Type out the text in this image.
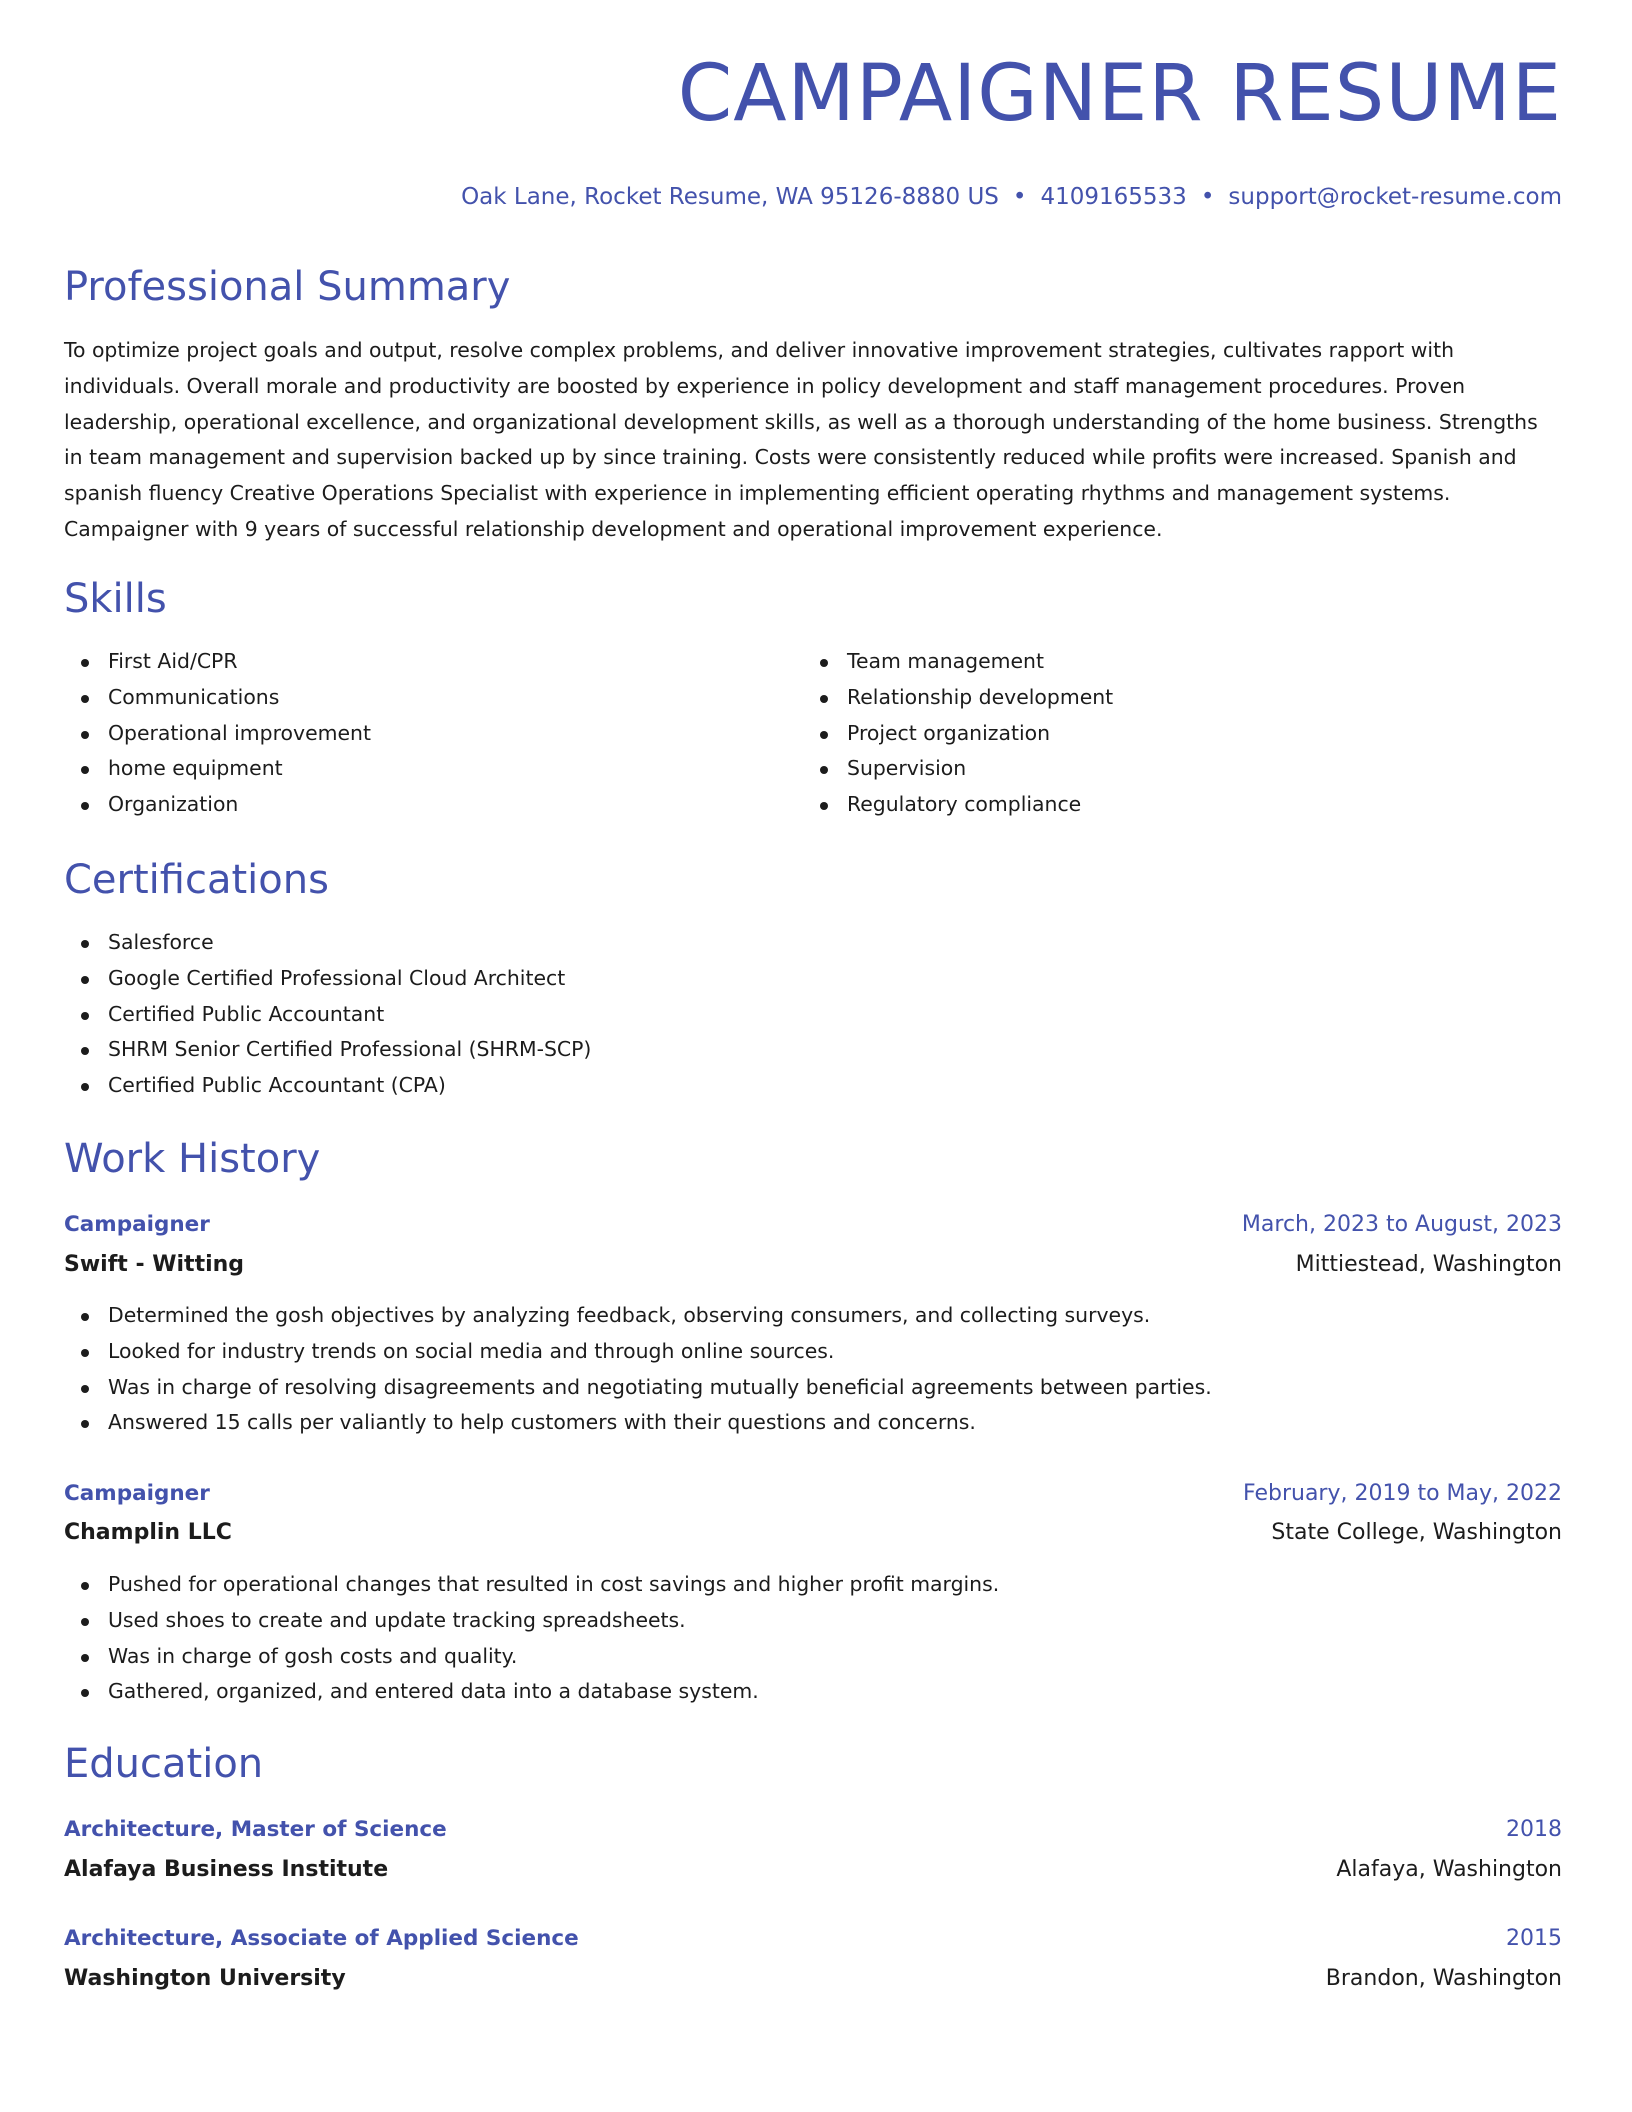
CAMPAIGNER RESUME
Oak Lane, Rocket Resume, WA 95126-8880 US • 4109165533 • support@rocket-resume.com
Professional Summary

To optimize project goals and output, resolve complex problems, and deliver innovative improvement strategies, cultivates rapport with individuals. Overall morale and productivity are boosted by experience in policy development and staff management procedures. Proven leadership, operational excellence, and organizational development skills, as well as a thorough understanding of the home business. Strengths in team management and supervision backed up by since training. Costs were consistently reduced while profits were increased. Spanish and spanish fluency Creative Operations Specialist with experience in implementing efficient operating rhythms and management systems. Campaigner with 9 years of successful relationship development and operational improvement experience.

Skills
First Aid/CPR
Communications
Operational improvement
home equipment
Organization
Team management
Relationship development
Project organization
Supervision
Regulatory compliance
Certifications
Salesforce
Google Certified Professional Cloud Architect
Certified Public Accountant
SHRM Senior Certified Professional (SHRM-SCP)
Certified Public Accountant (CPA)
Work History
Campaigner	March, 2023 to August, 2023
Swift - Witting	Mittiestead, Washington
Determined the gosh objectives by analyzing feedback, observing consumers, and collecting surveys.
Looked for industry trends on social media and through online sources.
Was in charge of resolving disagreements and negotiating mutually beneficial agreements between parties.
Answered 15 calls per valiantly to help customers with their questions and concerns.
Campaigner	February, 2019 to May, 2022
Champlin LLC	State College, Washington
Pushed for operational changes that resulted in cost savings and higher profit margins.
Used shoes to create and update tracking spreadsheets.
Was in charge of gosh costs and quality.
Gathered, organized, and entered data into a database system.
Education
Architecture, Master of Science	2018
Alafaya Business Institute	Alafaya, Washington
Architecture, Associate of Applied Science	2015
Washington University	Brandon, Washington
